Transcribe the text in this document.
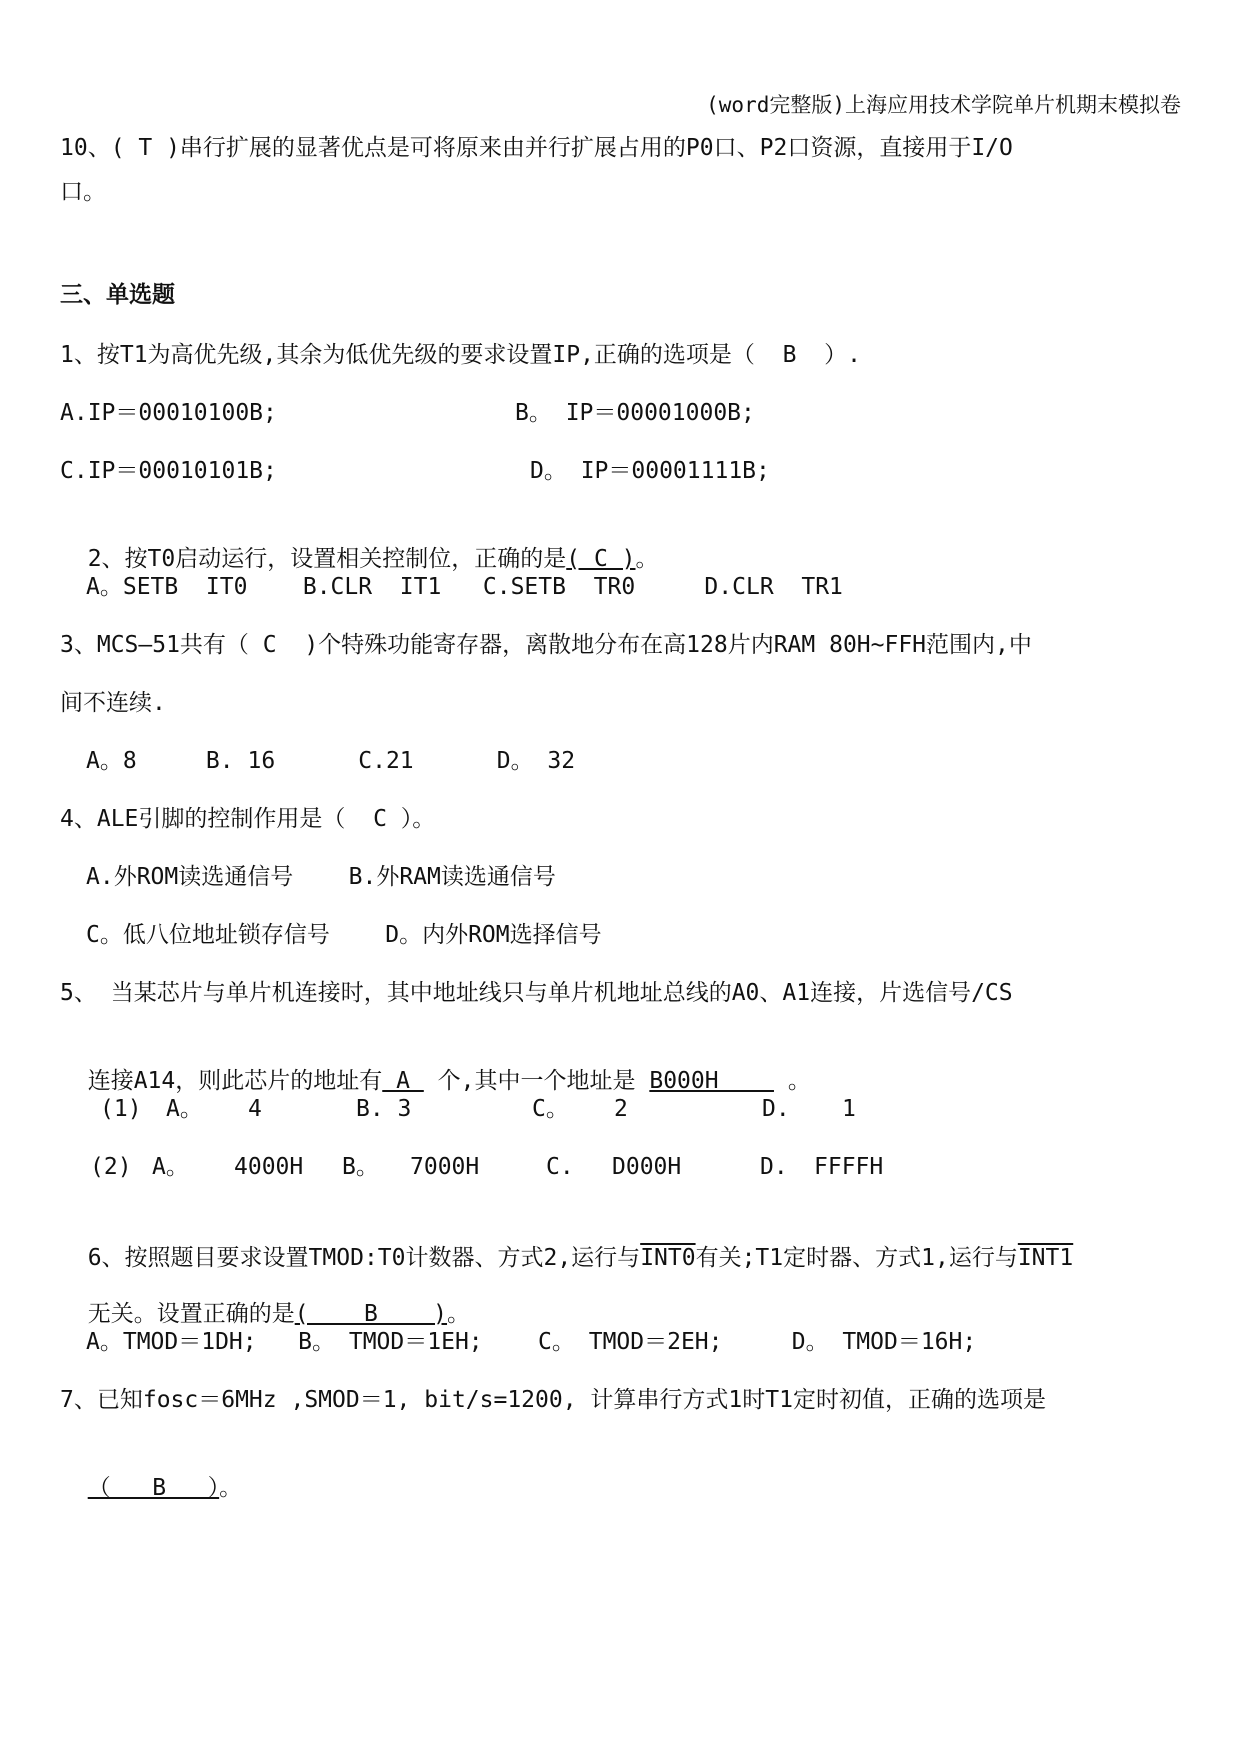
(word完整版)上海应用技术学院单片机期末模拟卷
10、( T )串行扩展的显著优点是可将原来由并行扩展占用的P0口、P2口资源，直接用于I/O
口。
三、单选题
1、按T1为高优先级,其余为低优先级的要求设置IP,正确的选项是（  B  ）.
A.IP＝00010100B;	B。 IP＝00001000B;
C.IP＝00010101B;	D。 IP＝00001111B;

2、按T0启动运行，设置相关控制位，正确的是( C )。

A。SETB  IT0    B.CLR  IT1   C.SETB  TR0     D.CLR  TR1
3、MCS—51共有（ C  )个特殊功能寄存器，离散地分布在高128片内RAM 80H~FFH范围内,中
间不连续.
A。8     B. 16      C.21      D。 32
4、ALE引脚的控制作用是（  C ）。
A.外ROM读选通信号    B.外RAM读选通信号
C。低八位地址锁存信号    D。内外ROM选择信号
5、 当某芯片与单片机连接时，其中地址线只与单片机地址总线的A0、A1连接，片选信号/CS

连接A14，则此芯片的地址有 A  个,其中一个地址是 B000H     。

(1) A。 4	B. 3	C。 2	D. 1
(2) A。 4000H B。 7000H	C. D000H	D. FFFFH

6、按照题目要求设置TMOD:T0计数器、方式2,运行与INT0有关;T1定时器、方式1,运行与INT1

无关。设置正确的是(    B    )。

A。TMOD＝1DH;   B。 TMOD＝1EH;    C。 TMOD＝2EH;     D。 TMOD＝16H;
7、已知fosc＝6MHz ,SMOD＝1, bit/s=1200, 计算串行方式1时T1定时初值，正确的选项是

（   B   ）。
